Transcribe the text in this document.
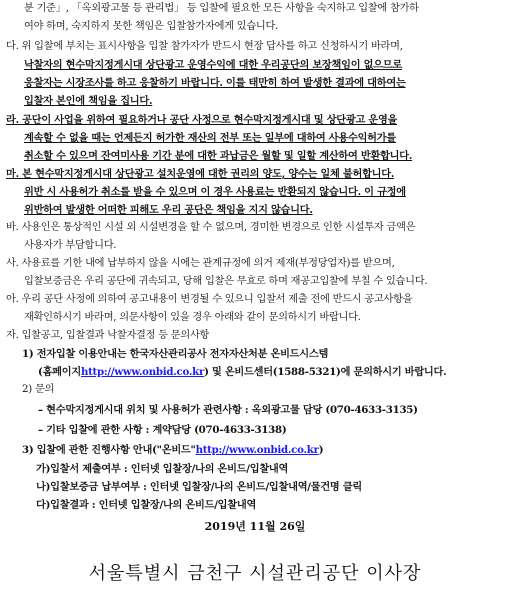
분 기준」, 「옥외광고물 등 관리법」 등 입찰에 필요한 모든 사항을 숙지하고 입찰에 참가하
여야 하며, 숙지하지 못한 책임은 입찰참가자에게 있습니다.
다. 위 입찰에 부치는 표시사항을 입찰 참가자가 반드시 현장 답사를 하고 신청하시기 바라며,
낙찰자의 현수막지정게시대 상단광고 운영수익에 대한 우리공단의 보장책임이 없으므로
응찰자는 시장조사를 하고 응찰하기 바랍니다. 이를 태만히 하여 발생한 결과에 대하여는
입찰자 본인에 책임을 집니다.
라. 공단이 사업을 위하여 필요하거나 공단 사정으로 현수막지정게시대 및 상단광고 운영을
계속할 수 없을 때는 언제든지 허가한 재산의 전부 또는 일부에 대하여 사용수익허가를
취소할 수 있으며 잔여미사용 기간 분에 대한 과납금은 월할 및 일할 계산하여 반환합니다.
마. 본 현수막지정게시대 상단광고 설치운영에 대한 권리의 양도, 양수는 일체 불허합니다.
위반 시 사용허가 취소를 받을 수 있으며 이 경우 사용료는 반환되지 않습니다. 이 규정에
위반하여 발생한 어떠한 피해도 우리 공단은 책임을 지지 않습니다.
바. 사용인은 통상적인 시설 외 시설변경을 할 수 없으며, 경미한 변경으로 인한 시설투자 금액은
사용자가 부담합니다.
사. 사용료를 기한 내에 납부하지 않을 시에는 관계규정에 의거 제재(부정당업자)를 받으며,
입찰보증금은 우리 공단에 귀속되고, 당해 입찰은 무효로 하며 재공고입찰에 부칠 수 있습니다.
아. 우리 공단 사정에 의하여 공고내용이 변경될 수 있으니 입찰서 제출 전에 반드시 공고사항을
재확인하시기 바라며, 의문사항이 있을 경우 아래와 같이 문의하시기 바랍니다.
자. 입찰공고, 입찰결과 낙찰자결정 등 문의사항
1) 전자입찰 이용안내는 한국자산관리공사 전자자산처분 온비드시스템
(홈페이지http://www.onbid.co.kr) 및 온비드센터(1588-5321)에 문의하시기 바랍니다.
2) 문의
– 현수막지정게시대 위치 및 사용허가 관련사항 : 옥외광고물 담당 (070-4633-3135)
– 기타 입찰에 관한 사항 : 계약담당 (070-4633-3138)
3) 입찰에 관한 진행사항 안내("온비드"http://www.onbid.co.kr)
가)입찰서 제출여부 : 인터넷 입찰장/나의 온비드/입찰내역
나)입찰보증금 납부여부 : 인터넷 입찰장/나의 온비드/입찰내역/물건명 클릭
다)입찰결과 : 인터넷 입찰장/나의 온비드/입찰내역
2019년 11월 26일
서울특별시 금천구 시설관리공단 이사장
